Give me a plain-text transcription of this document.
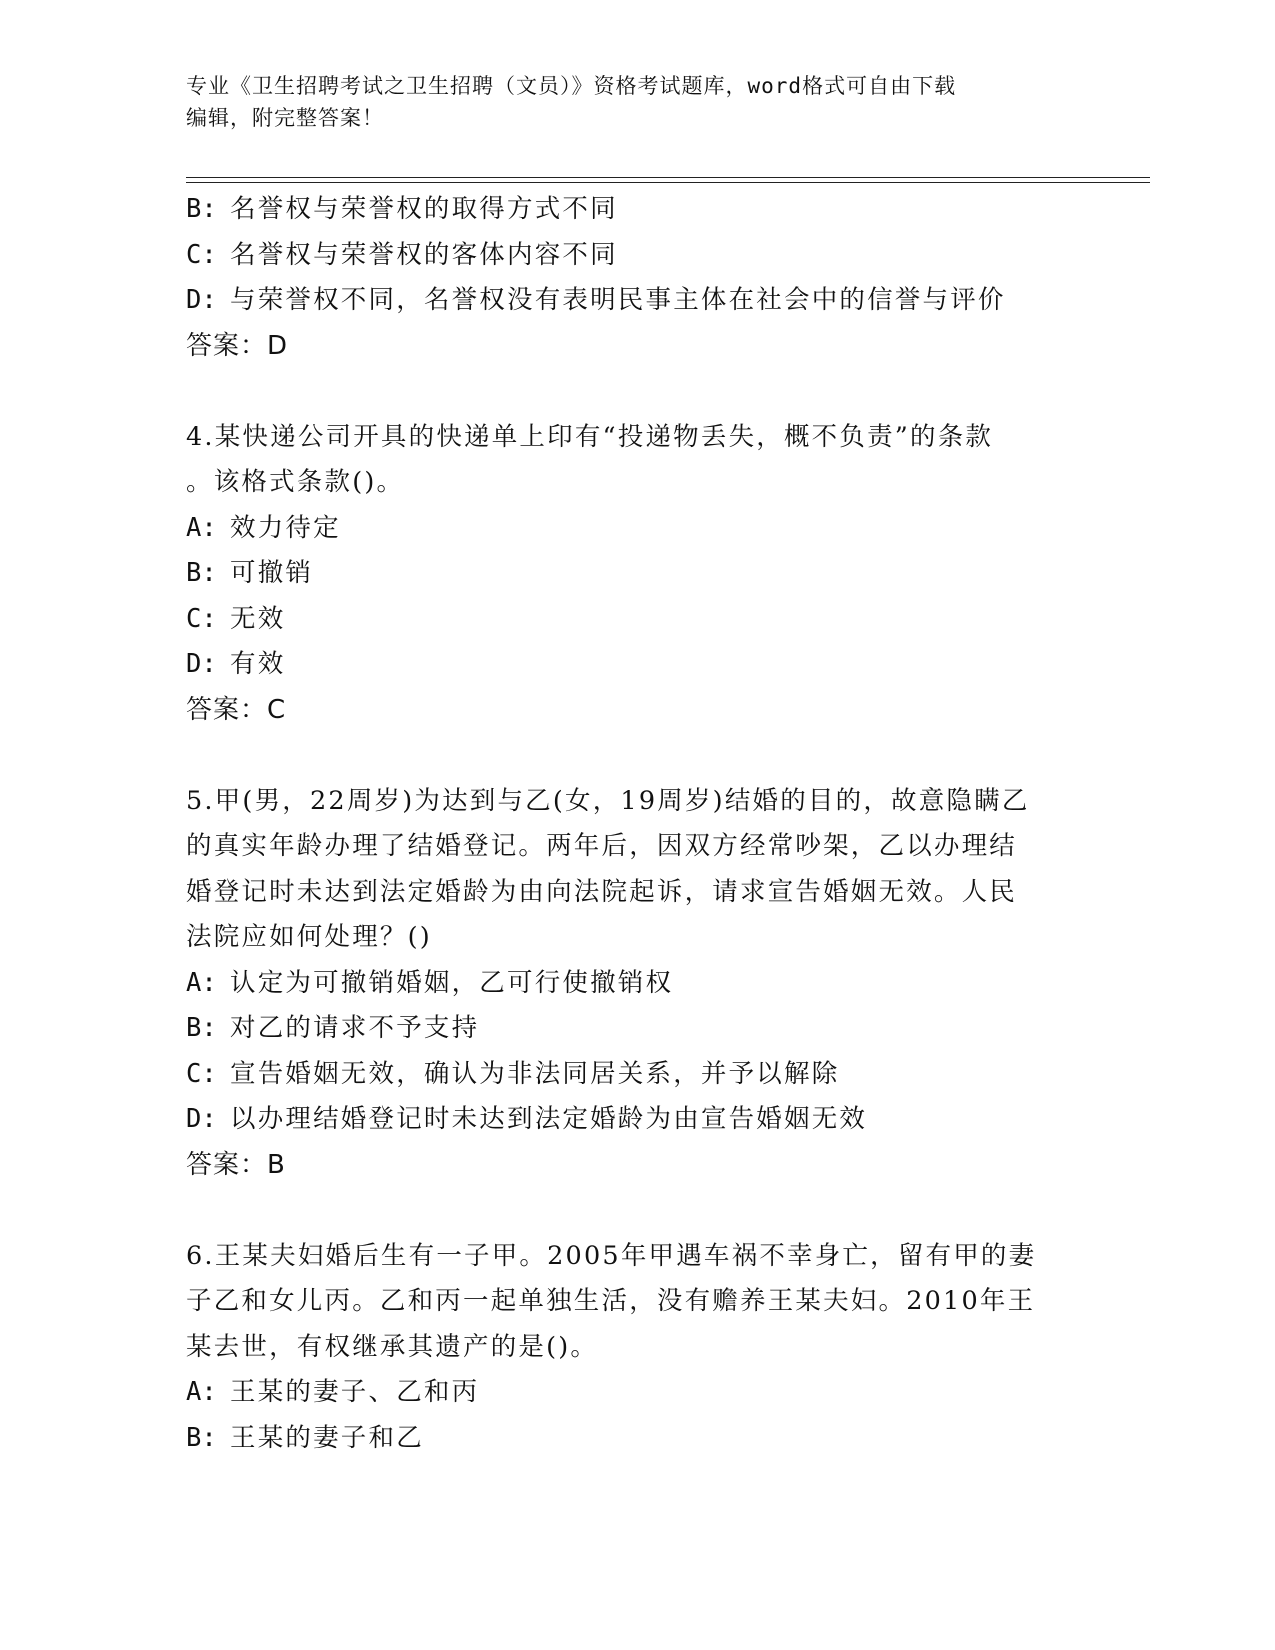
专业《卫生招聘考试之卫生招聘（文员）》资格考试题库，word格式可自由下载
编辑，附完整答案！
B: 名誉权与荣誉权的取得方式不同
C: 名誉权与荣誉权的客体内容不同
D: 与荣誉权不同，名誉权没有表明民事主体在社会中的信誉与评价
答案：D
4.某快递公司开具的快递单上印有“投递物丢失，概不负责”的条款
。该格式条款()。
A: 效力待定
B: 可撤销
C: 无效
D: 有效
答案：C
5.甲(男，22周岁)为达到与乙(女，19周岁)结婚的目的，故意隐瞒乙
的真实年龄办理了结婚登记。两年后，因双方经常吵架，乙以办理结
婚登记时未达到法定婚龄为由向法院起诉，请求宣告婚姻无效。人民
法院应如何处理？()
A: 认定为可撤销婚姻，乙可行使撤销权
B: 对乙的请求不予支持
C: 宣告婚姻无效，确认为非法同居关系，并予以解除
D: 以办理结婚登记时未达到法定婚龄为由宣告婚姻无效
答案：B
6.王某夫妇婚后生有一子甲。2005年甲遇车祸不幸身亡，留有甲的妻
子乙和女儿丙。乙和丙一起单独生活，没有赡养王某夫妇。2010年王
某去世，有权继承其遗产的是()。
A: 王某的妻子、乙和丙
B: 王某的妻子和乙
